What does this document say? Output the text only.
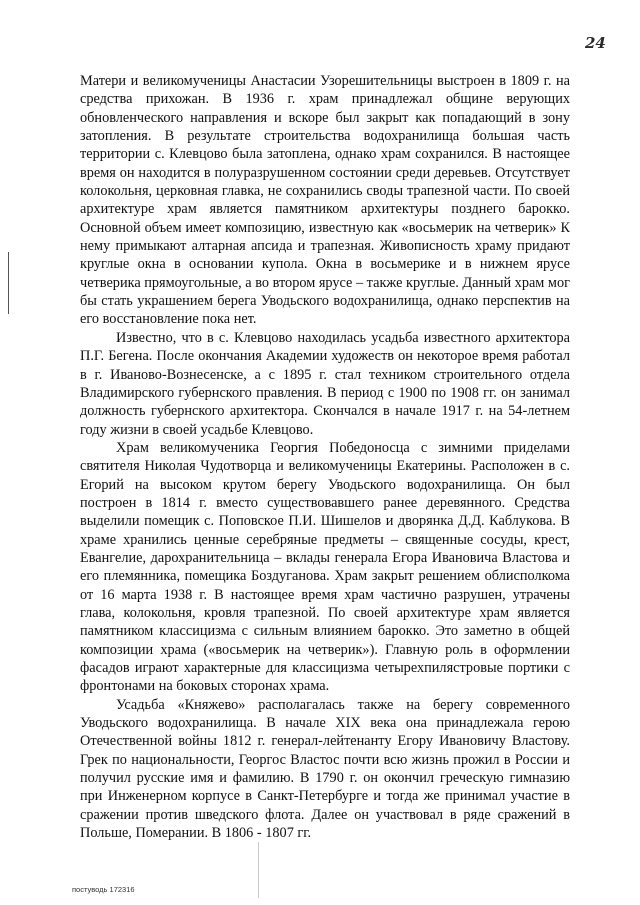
24

Матери и великомученицы Анастасии Узорешительницы выстроен в 1809 г. на средства прихожан. В 1936 г. храм принадлежал общине верующих обновленческого направления и вскоре был закрыт как попадающий в зону затопления. В результате строительства водохранилища большая часть территории с. Клевцово была затоплена, однако храм сохранился. В настоящее время он находится в полуразрушенном состоянии среди деревьев. Отсутствует колокольня, церковная главка, не сохранились своды трапезной части. По своей архитектуре храм является памятником архитектуры позднего барокко. Основной объем имеет композицию, известную как «восьмерик на четверик» К нему примыкают алтарная апсида и трапезная. Живописность храму придают круглые окна в основании купола. Окна в восьмерике и в нижнем ярусе четверика прямоугольные, а во втором ярусе – также круглые. Данный храм мог бы стать украшением берега Уводьского водохранилища, однако перспектив на его восстановление пока нет.

Известно, что в с. Клевцово находилась усадьба известного архитектора П.Г. Бегена. После окончания Академии художеств он некоторое время работал в г. Иваново-Вознесенске, а с 1895 г. стал техником строительного отдела Владимирского губернского правления. В период с 1900 по 1908 гг. он занимал должность губернского архитектора. Скончался в начале 1917 г. на 54-летнем году жизни в своей усадьбе Клевцово.

Храм великомученика Георгия Победоносца с зимними приделами святителя Николая Чудотворца и великомученицы Екатерины. Расположен в с. Егорий на высоком крутом берегу Уводьского водохранилища. Он был построен в 1814 г. вместо существовавшего ранее деревянного. Средства выделили помещик с. Поповское П.И. Шишелов и дворянка Д.Д. Каблукова. В храме хранились ценные серебряные предметы – священные сосуды, крест, Евангелие, дарохранительница – вклады генерала Егора Ивановича Властова и его племянника, помещика Боздуганова. Храм закрыт решением облисполкома от 16 марта 1938 г. В настоящее время храм частично разрушен, утрачены глава, колокольня, кровля трапезной. По своей архитектуре храм является памятником классицизма с сильным влиянием барокко. Это заметно в общей композиции храма («восьмерик на четверик»). Главную роль в оформлении фасадов играют характерные для классицизма четырехпилястровые портики с фронтонами на боковых сторонах храма.

Усадьба «Княжево» располагалась также на берегу современного Уводьского водохранилища. В начале XIX века она принадлежала герою Отечественной войны 1812 г. генерал-лейтенанту Егору Ивановичу Властову. Грек по национальности, Георгос Властос почти всю жизнь прожил в России и получил русские имя и фамилию. В 1790 г. он окончил греческую гимназию при Инженерном корпусе в Санкт-Петербурге и тогда же принимал участие в сражении против шведского флота. Далее он участвовал в ряде сражений в Польше, Померании. В 1806 - 1807 гг.

постуводь 172316
